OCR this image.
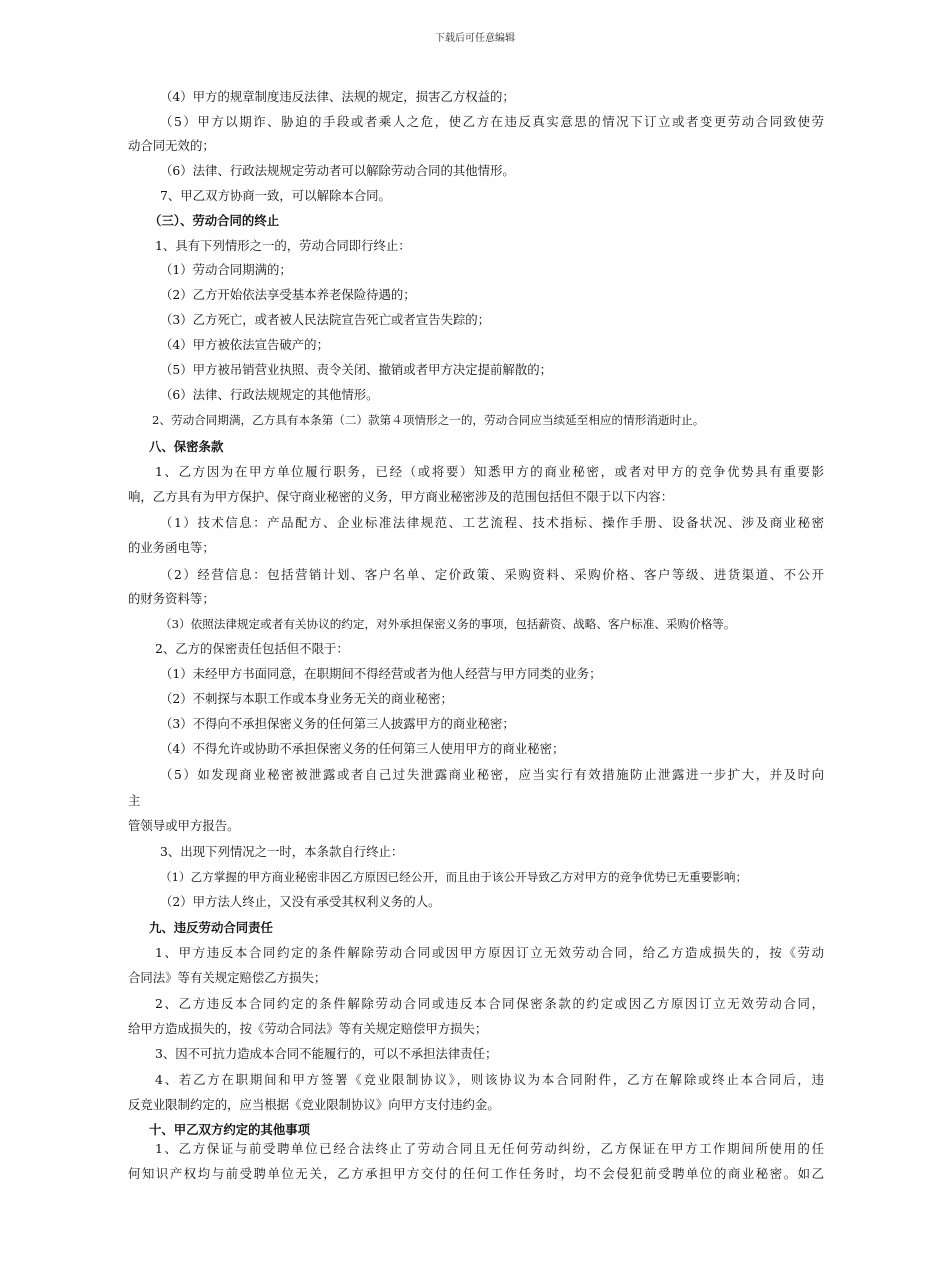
下载后可任意编辑
（4）甲方的规章制度违反法律、法规的规定，损害乙方权益的；
（5）甲方以期诈、胁迫的手段或者乘人之危，使乙方在违反真实意思的情况下订立或者变更劳动合同致使劳
动合同无效的；
（6）法律、行政法规规定劳动者可以解除劳动合同的其他情形。
7、甲乙双方协商一致，可以解除本合同。
（三）、劳动合同的终止
1、具有下列情形之一的，劳动合同即行终止：
（1）劳动合同期满的；
（2）乙方开始依法享受基本养老保险待遇的；
（3）乙方死亡，或者被人民法院宣告死亡或者宣告失踪的；
（4）甲方被依法宣告破产的；
（5）甲方被吊销营业执照、责令关闭、撤销或者甲方决定提前解散的；
（6）法律、行政法规规定的其他情形。
2、劳动合同期满，乙方具有本条第（二）款第４项情形之一的，劳动合同应当续延至相应的情形消逝时止。
八、保密条款
1、乙方因为在甲方单位履行职务，已经（或将要）知悉甲方的商业秘密，或者对甲方的竞争优势具有重要影
响，乙方具有为甲方保护、保守商业秘密的义务，甲方商业秘密涉及的范围包括但不限于以下内容：
（1）技术信息：产品配方、企业标准法律规范、工艺流程、技术指标、操作手册、设备状况、涉及商业秘密
的业务函电等；
（2）经营信息：包括营销计划、客户名单、定价政策、采购资料、采购价格、客户等级、进货渠道、不公开
的财务资料等；
（3）依照法律规定或者有关协议的约定，对外承担保密义务的事项，包括薪资、战略、客户标准、采购价格等。
2、乙方的保密责任包括但不限于：
（1）未经甲方书面同意，在职期间不得经营或者为他人经营与甲方同类的业务；
（2）不刺探与本职工作或本身业务无关的商业秘密；
（3）不得向不承担保密义务的任何第三人披露甲方的商业秘密；
（4）不得允许或协助不承担保密义务的任何第三人使用甲方的商业秘密；
（5）如发现商业秘密被泄露或者自己过失泄露商业秘密，应当实行有效措施防止泄露进一步扩大，并及时向
主
管领导或甲方报告。
3、出现下列情况之一时，本条款自行终止：
（1）乙方掌握的甲方商业秘密非因乙方原因已经公开，而且由于该公开导致乙方对甲方的竞争优势已无重要影响；
（2）甲方法人终止，又没有承受其权利义务的人。
九、违反劳动合同责任
1、甲方违反本合同约定的条件解除劳动合同或因甲方原因订立无效劳动合同，给乙方造成损失的，按《劳动
合同法》等有关规定赔偿乙方损失；
2、乙方违反本合同约定的条件解除劳动合同或违反本合同保密条款的约定或因乙方原因订立无效劳动合同，
给甲方造成损失的，按《劳动合同法》等有关规定赔偿甲方损失；
3、因不可抗力造成本合同不能履行的，可以不承担法律责任；
4、若乙方在职期间和甲方签署《竞业限制协议》，则该协议为本合同附件，乙方在解除或终止本合同后，违
反竞业限制约定的，应当根据《竞业限制协议》向甲方支付违约金。
十、甲乙双方约定的其他事项
1、乙方保证与前受聘单位已经合法终止了劳动合同且无任何劳动纠纷，乙方保证在甲方工作期间所使用的任
何知识产权均与前受聘单位无关，乙方承担甲方交付的任何工作任务时，均不会侵犯前受聘单位的商业秘密。如乙
